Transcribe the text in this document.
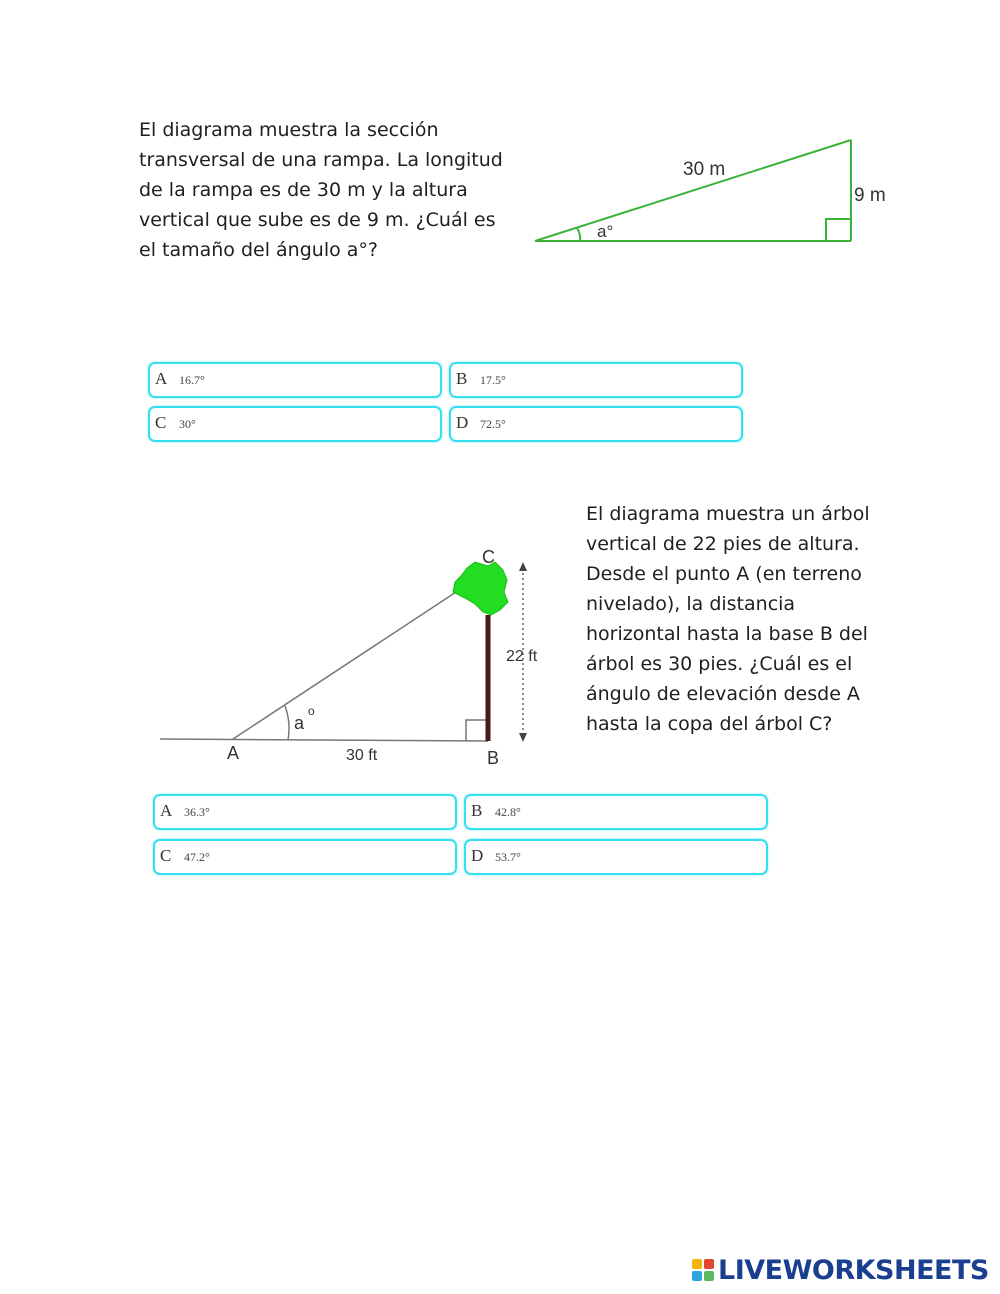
El diagrama muestra la sección transversal de una rampa. La longitud de la rampa es de 30 m y la altura vertical que sube es de 9 m. ¿Cuál es el tamaño del ángulo a°?
30 m
9 m
a°
A 16.7°	B 17.5°
C 30°	D 72.5°
C
A	B
22 ft
30 ft
a
o
El diagrama muestra un árbol vertical de 22 pies de altura. Desde el punto A (en terreno nivelado), la distancia horizontal hasta la base B del árbol es 30 pies. ¿Cuál es el ángulo de elevación desde A hasta la copa del árbol C?
A 36.3°	B 42.8°
C 47.2°	D 53.7°
LIVEWORKSHEETS
